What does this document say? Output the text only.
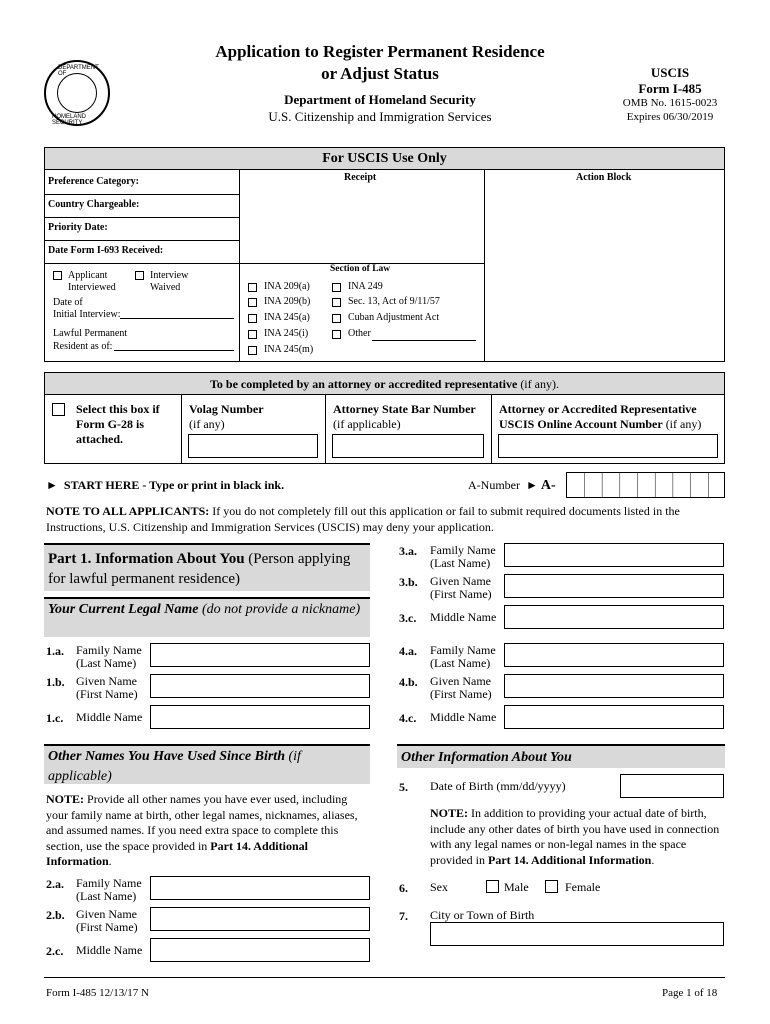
DEPARTMENT OF
HOMELAND SECURITY
Application to Register Permanent Residence
or Adjust Status
Department of Homeland Security
U.S. Citizenship and Immigration Services
USCIS
Form I-485
OMB No. 1615-0023
Expires 06/30/2019
For USCIS Use Only
Receipt	Action Block
Preference Category:
Country Chargeable:
Priority Date:
Date Form I-693 Received:
Applicant
Interviewed
Interview
Waived
Date of
Initial Interview:
Lawful Permanent
Resident as of:
Section of Law
INA 209(a)
INA 209(b)
INA 245(a)
INA 245(i)
INA 245(m)
INA 249
Sec. 13, Act of 9/11/57
Cuban Adjustment Act
Other
To be completed by an attorney or accredited representative (if any).
Select this box if
Form G-28 is
attached.
Volag Number
(if any)
Attorney State Bar Number
(if applicable)
Attorney or Accredited Representative
USCIS Online Account Number (if any)
► START HERE - Type or print in black ink.	A-Number ► A-
NOTE TO ALL APPLICANTS: If you do not completely fill out this application or fail to submit required documents listed in the Instructions, U.S. Citizenship and Immigration Services (USCIS) may deny your application.
Part 1. Information About You (Person applying for lawful permanent residence)
Your Current Legal Name (do not provide a nickname)
1.a. Family Name
(Last Name)
1.b. Given Name
(First Name)
1.c. Middle Name
Other Names You Have Used Since Birth (if applicable)
NOTE: Provide all other names you have ever used, including your family name at birth, other legal names, nicknames, aliases, and assumed names. If you need extra space to complete this section, use the space provided in Part 14. Additional Information.
2.a. Family Name
(Last Name)
2.b. Given Name
(First Name)
2.c. Middle Name
3.a. Family Name
(Last Name)
3.b. Given Name
(First Name)
3.c. Middle Name
4.a. Family Name
(Last Name)
4.b. Given Name
(First Name)
4.c. Middle Name
Other Information About You
5. Date of Birth (mm/dd/yyyy)
NOTE: In addition to providing your actual date of birth, include any other dates of birth you have used in connection with any legal names or non-legal names in the space provided in Part 14. Additional Information.
6. Sex	Male	Female
7. City or Town of Birth
Form I-485 12/13/17 N	Page 1 of 18
